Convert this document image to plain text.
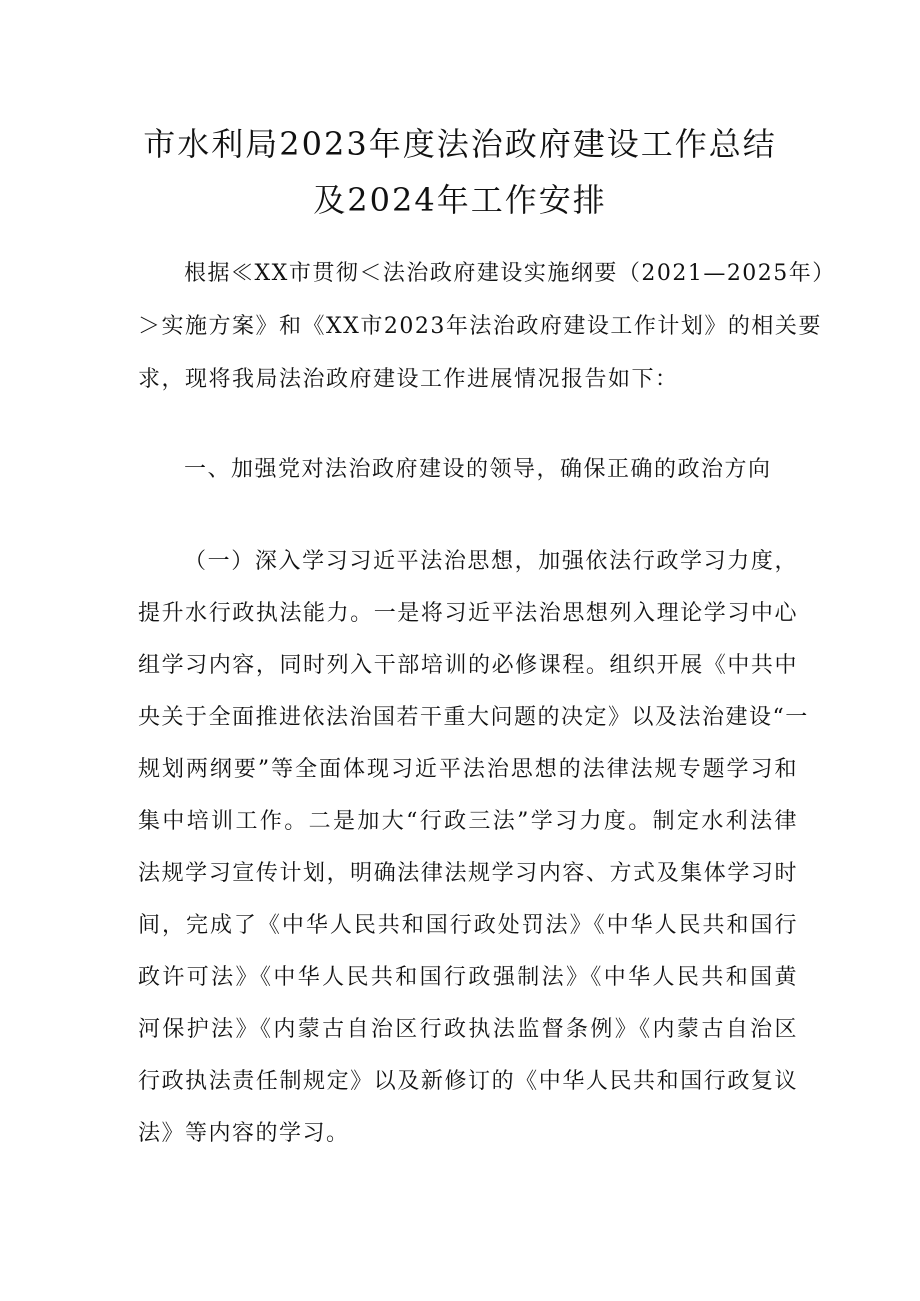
市水利局2023年度法治政府建设工作总结
及2024年工作安排
根据≪XX市贯彻＜法治政府建设实施纲要（2021—2025年）
＞实施方案》和《XX市2023年法治政府建设工作计划》的相关要
求，现将我局法治政府建设工作进展情况报告如下：
一、加强党对法治政府建设的领导，确保正确的政治方向
（一）深入学习习近平法治思想，加强依法行政学习力度，
提升水行政执法能力。一是将习近平法治思想列入理论学习中心
组学习内容，同时列入干部培训的必修课程。组织开展《中共中
央关于全面推进依法治国若干重大问题的决定》以及法治建设“一
规划两纲要”等全面体现习近平法治思想的法律法规专题学习和
集中培训工作。二是加大“行政三法”学习力度。制定水利法律
法规学习宣传计划，明确法律法规学习内容、方式及集体学习时
间，完成了《中华人民共和国行政处罚法》《中华人民共和国行
政许可法》《中华人民共和国行政强制法》《中华人民共和国黄
河保护法》《内蒙古自治区行政执法监督条例》《内蒙古自治区
行政执法责任制规定》以及新修订的《中华人民共和国行政复议
法》等内容的学习。
